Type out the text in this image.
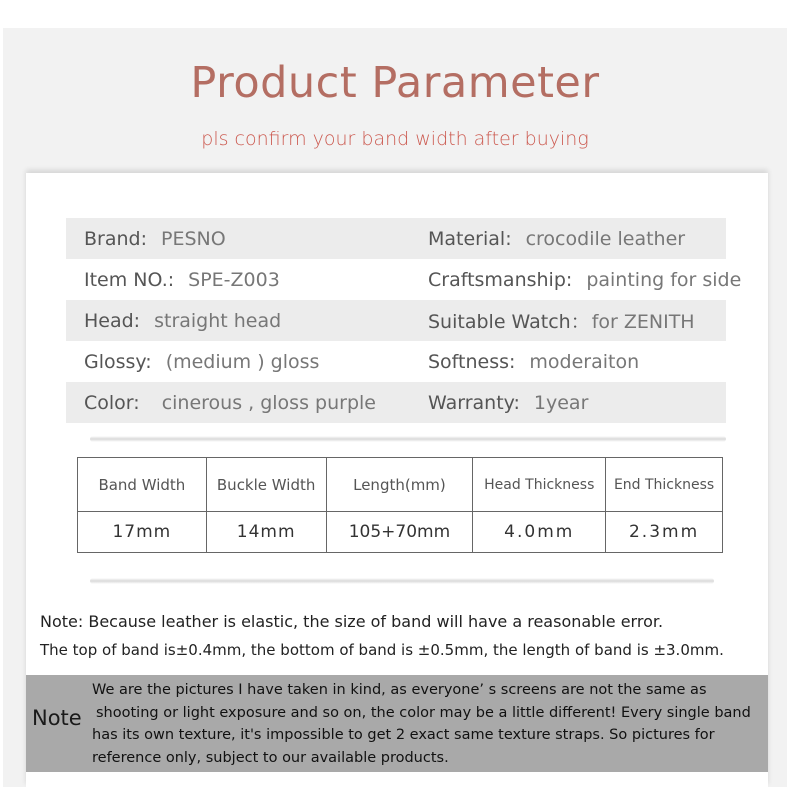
Product Parameter
pls confirm your band width after buying
Brand: PESNO	Material: crocodile leather
Item NO.: SPE-Z003	Craftsmanship: painting for side
Head: straight head	Suitable Watch： for ZENITH
Glossy: (medium ) gloss	Softness: moderaiton
Color: cinerous , gloss purple	Warranty: 1year
Band Width	Buckle Width	Length(mm)	Head Thickness	End Thickness
17mm	14mm	105+70mm	4.0mm	2.3mm
Note: Because leather is elastic, the size of band will have a reasonable error.
The top of band is±0.4mm, the bottom of band is ±0.5mm, the length of band is ±3.0mm.
Note
We are the pictures I have taken in kind, as everyone’ s screens are not the same as
shooting or light exposure and so on, the color may be a little different! Every single band
has its own texture, it's impossible to get 2 exact same texture straps. So pictures for
reference only, subject to our available products.
